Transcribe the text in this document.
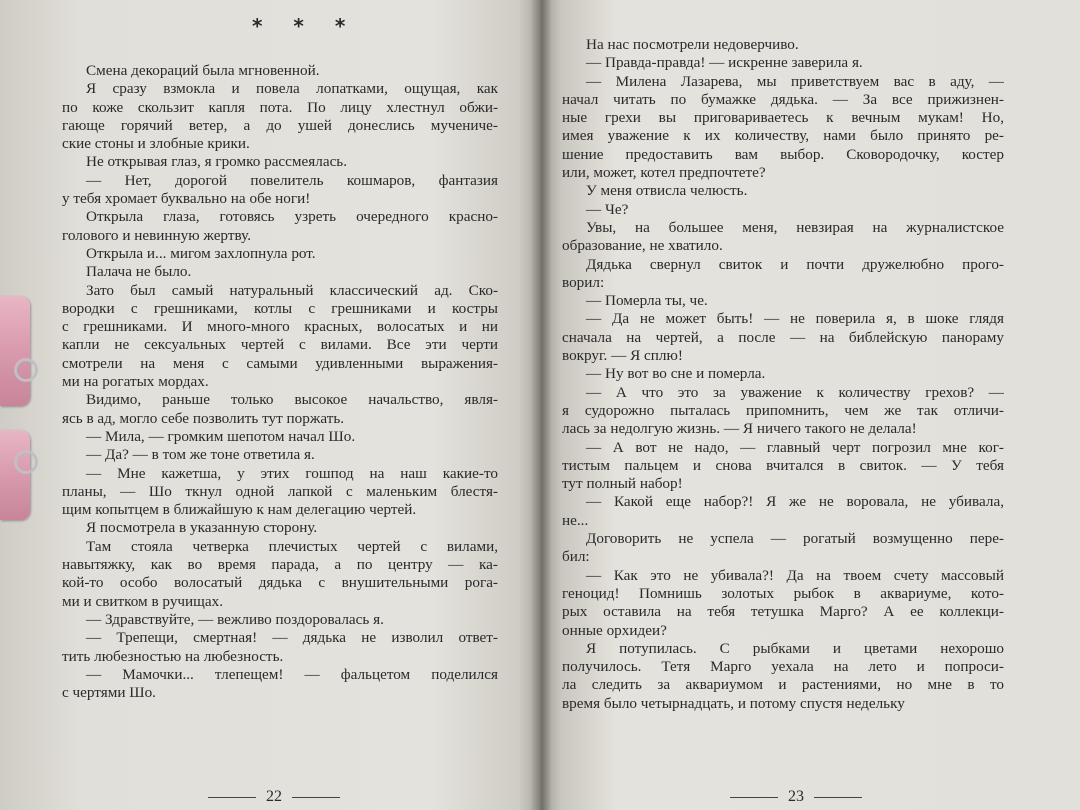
* * *
Смена декораций была мгновенной.
Я сразу взмокла и повела лопатками, ощущая, как
по коже скользит капля пота. По лицу хлестнул обжи-
гающе горячий ветер, а до ушей донеслись мучениче-
ские стоны и злобные крики.
Не открывая глаз, я громко рассмеялась.
— Нет, дорогой повелитель кошмаров, фантазия
у тебя хромает буквально на обе ноги!
Открыла глаза, готовясь узреть очередного красно-
голового и невинную жертву.
Открыла и... мигом захлопнула рот.
Палача не было.
Зато был самый натуральный классический ад. Ско-
вородки с грешниками, котлы с грешниками и костры
с грешниками. И много-много красных, волосатых и ни
капли не сексуальных чертей с вилами. Все эти черти
смотрели на меня с самыми удивленными выражения-
ми на рогатых мордах.
Видимо, раньше только высокое начальство, явля-
ясь в ад, могло себе позволить тут поржать.
— Мила, — громким шепотом начал Шо.
— Да? — в том же тоне ответила я.
— Мне кажетша, у этих гошпод на наш какие-то
планы, — Шо ткнул одной лапкой с маленьким блестя-
щим копытцем в ближайшую к нам делегацию чертей.
Я посмотрела в указанную сторону.
Там стояла четверка плечистых чертей с вилами,
навытяжку, как во время парада, а по центру — ка-
кой-то особо волосатый дядька с внушительными рога-
ми и свитком в ручищах.
— Здравствуйте, — вежливо поздоровалась я.
— Трепещи, смертная! — дядька не изволил ответ-
тить любезностью на любезность.
— Мамочки... тлепещем! — фальцетом поделился
с чертями Шо.
22
На нас посмотрели недоверчиво.
— Правда-правда! — искренне заверила я.
— Милена Лазарева, мы приветствуем вас в аду, —
начал читать по бумажке дядька. — За все прижизнен-
ные грехи вы приговариваетесь к вечным мукам! Но,
имея уважение к их количеству, нами было принято ре-
шение предоставить вам выбор. Сковородочку, костер
или, может, котел предпочтете?
У меня отвисла челюсть.
— Че?
Увы, на большее меня, невзирая на журналистское
образование, не хватило.
Дядька свернул свиток и почти дружелюбно прого-
ворил:
— Померла ты, че.
— Да не может быть! — не поверила я, в шоке глядя
сначала на чертей, а после — на библейскую панораму
вокруг. — Я сплю!
— Ну вот во сне и померла.
— А что это за уважение к количеству грехов? —
я судорожно пыталась припомнить, чем же так отличи-
лась за недолгую жизнь. — Я ничего такого не делала!
— А вот не надо, — главный черт погрозил мне ког-
тистым пальцем и снова вчитался в свиток. — У тебя
тут полный набор!
— Какой еще набор?! Я же не воровала, не убивала,
не...
Договорить не успела — рогатый возмущенно пере-
бил:
— Как это не убивала?! Да на твоем счету массовый
геноцид! Помнишь золотых рыбок в аквариуме, кото-
рых оставила на тебя тетушка Марго? А ее коллекци-
онные орхидеи?
Я потупилась. С рыбками и цветами нехорошо
получилось. Тетя Марго уехала на лето и попроси-
ла следить за аквариумом и растениями, но мне в то
время было четырнадцать, и потому спустя недельку
23
